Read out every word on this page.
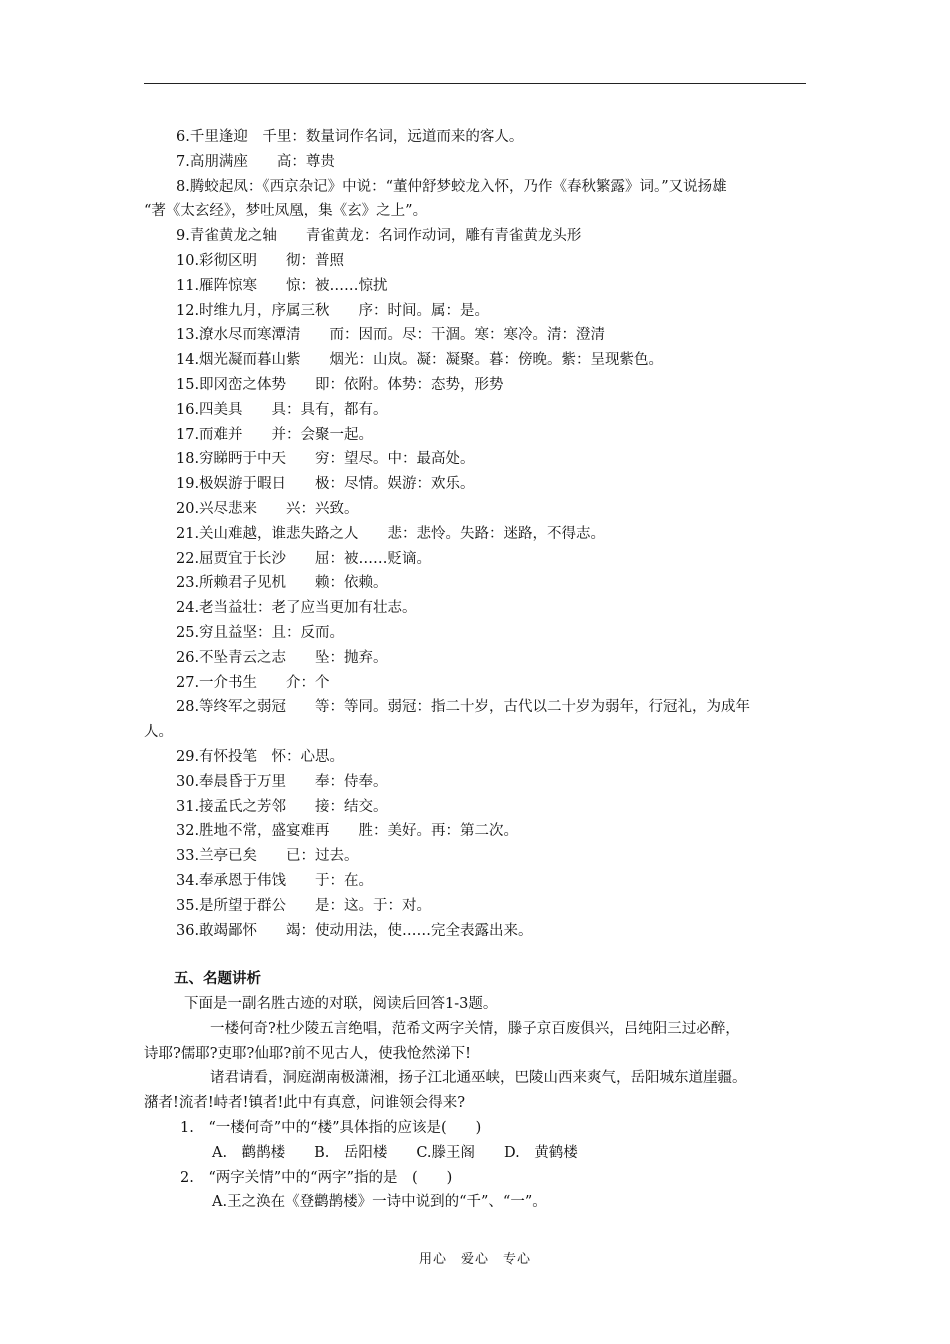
6.千里逢迎　千里：数量词作名词，远道而来的客人。
7.高朋满座　　高：尊贵
8.腾蛟起凤：《西京杂记》中说：“董仲舒梦蛟龙入怀，乃作《春秋繁露》词。”又说扬雄
“著《太玄经》，梦吐凤凰，集《玄》之上”。
9.青雀黄龙之轴　　青雀黄龙：名词作动词，雕有青雀黄龙头形
10.彩彻区明　　彻：普照
11.雁阵惊寒　　惊：被……惊扰
12.时维九月，序属三秋　　序：时间。属：是。
13.潦水尽而寒潭清　　而：因而。尽：干涸。寒：寒冷。清：澄清
14.烟光凝而暮山紫　　烟光：山岚。凝：凝聚。暮：傍晚。紫：呈现紫色。
15.即冈峦之体势　　即：依附。体势：态势，形势
16.四美具　　具：具有，都有。
17.而难并　　并：会聚一起。
18.穷睇眄于中天　　穷：望尽。中：最高处。
19.极娱游于暇日　　极：尽情。娱游：欢乐。
20.兴尽悲来　　兴：兴致。
21.关山难越，谁悲失路之人　　悲：悲怜。失路：迷路，不得志。
22.屈贾宜于长沙　　屈：被……贬谪。
23.所赖君子见机　　赖：依赖。
24.老当益壮：老了应当更加有壮志。
25.穷且益坚：且：反而。
26.不坠青云之志　　坠：抛弃。
27.一介书生　　介：个
28.等终军之弱冠　　等：等同。弱冠：指二十岁，古代以二十岁为弱年，行冠礼，为成年
人。
29.有怀投笔　怀：心思。
30.奉晨昏于万里　　奉：侍奉。
31.接孟氏之芳邻　　接：结交。
32.胜地不常，盛宴难再　　胜：美好。再：第二次。
33.兰亭已矣　　已：过去。
34.奉承恩于伟饯　　于：在。
35.是所望于群公　　是：这。于：对。
36.敢竭鄙怀　　竭：使动用法，使……完全表露出来。
五、名题讲析
下面是一副名胜古迹的对联，阅读后回答1-3题。
一楼何奇?杜少陵五言绝唱，范希文两字关情，滕子京百废俱兴，吕纯阳三过必醉，
诗耶?儒耶?吏耶?仙耶?前不见古人，使我怆然涕下!
诸君请看，洞庭湖南极潇湘，扬子江北通巫峡，巴陵山西来爽气，岳阳城东道崖疆。
潴者!流者!峙者!镇者!此中有真意，问谁领会得来?
1.　“一楼何奇”中的“楼”具体指的应该是(　　)
A.　鹳鹊楼　　B.　岳阳楼　　C.滕王阁　　D.　黄鹤楼
2.　“两字关情”中的“两字”指的是　(　　)
A.王之涣在《登鹳鹊楼》一诗中说到的“千”、“一”。
用心　爱心　专心
